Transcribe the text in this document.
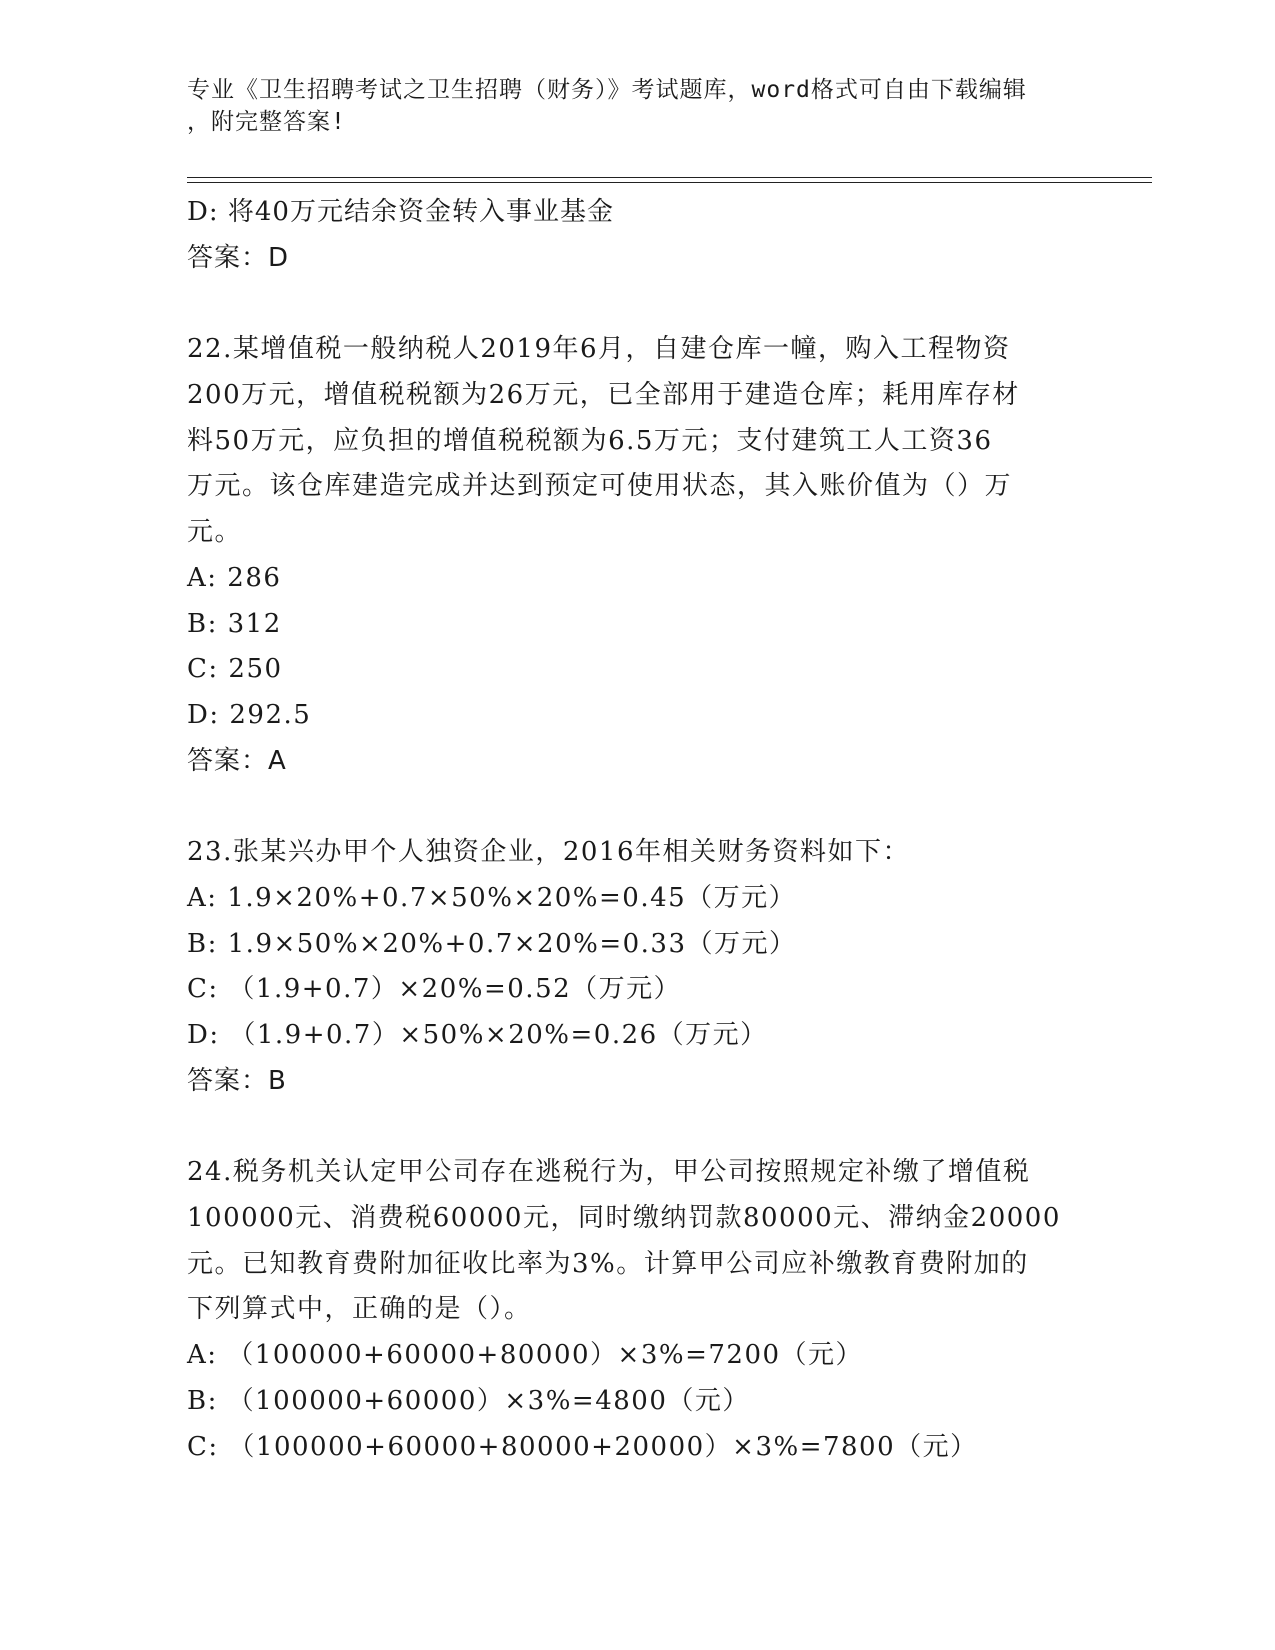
专业《卫生招聘考试之卫生招聘（财务）》考试题库，word格式可自由下载编辑
，附完整答案!
D: 将40万元结余资金转入事业基金
答案：D
22.某增值税一般纳税人2019年6月，自建仓库一幢，购入工程物资
200万元，增值税税额为26万元，已全部用于建造仓库；耗用库存材
料50万元，应负担的增值税税额为6.5万元；支付建筑工人工资36
万元。该仓库建造完成并达到预定可使用状态，其入账价值为（）万
元。
A: 286
B: 312
C: 250
D: 292.5
答案：A
23.张某兴办甲个人独资企业，2016年相关财务资料如下：
A: 1.9×20%+0.7×50%×20%=0.45（万元）
B: 1.9×50%×20%+0.7×20%=0.33（万元）
C: （1.9+0.7）×20%=0.52（万元）
D: （1.9+0.7）×50%×20%=0.26（万元）
答案：B
24.税务机关认定甲公司存在逃税行为，甲公司按照规定补缴了增值税
100000元、消费税60000元，同时缴纳罚款80000元、滞纳金20000
元。已知教育费附加征收比率为3%。计算甲公司应补缴教育费附加的
下列算式中，正确的是（）。
A: （100000+60000+80000）×3%=7200（元）
B: （100000+60000）×3%=4800（元）
C: （100000+60000+80000+20000）×3%=7800（元）
